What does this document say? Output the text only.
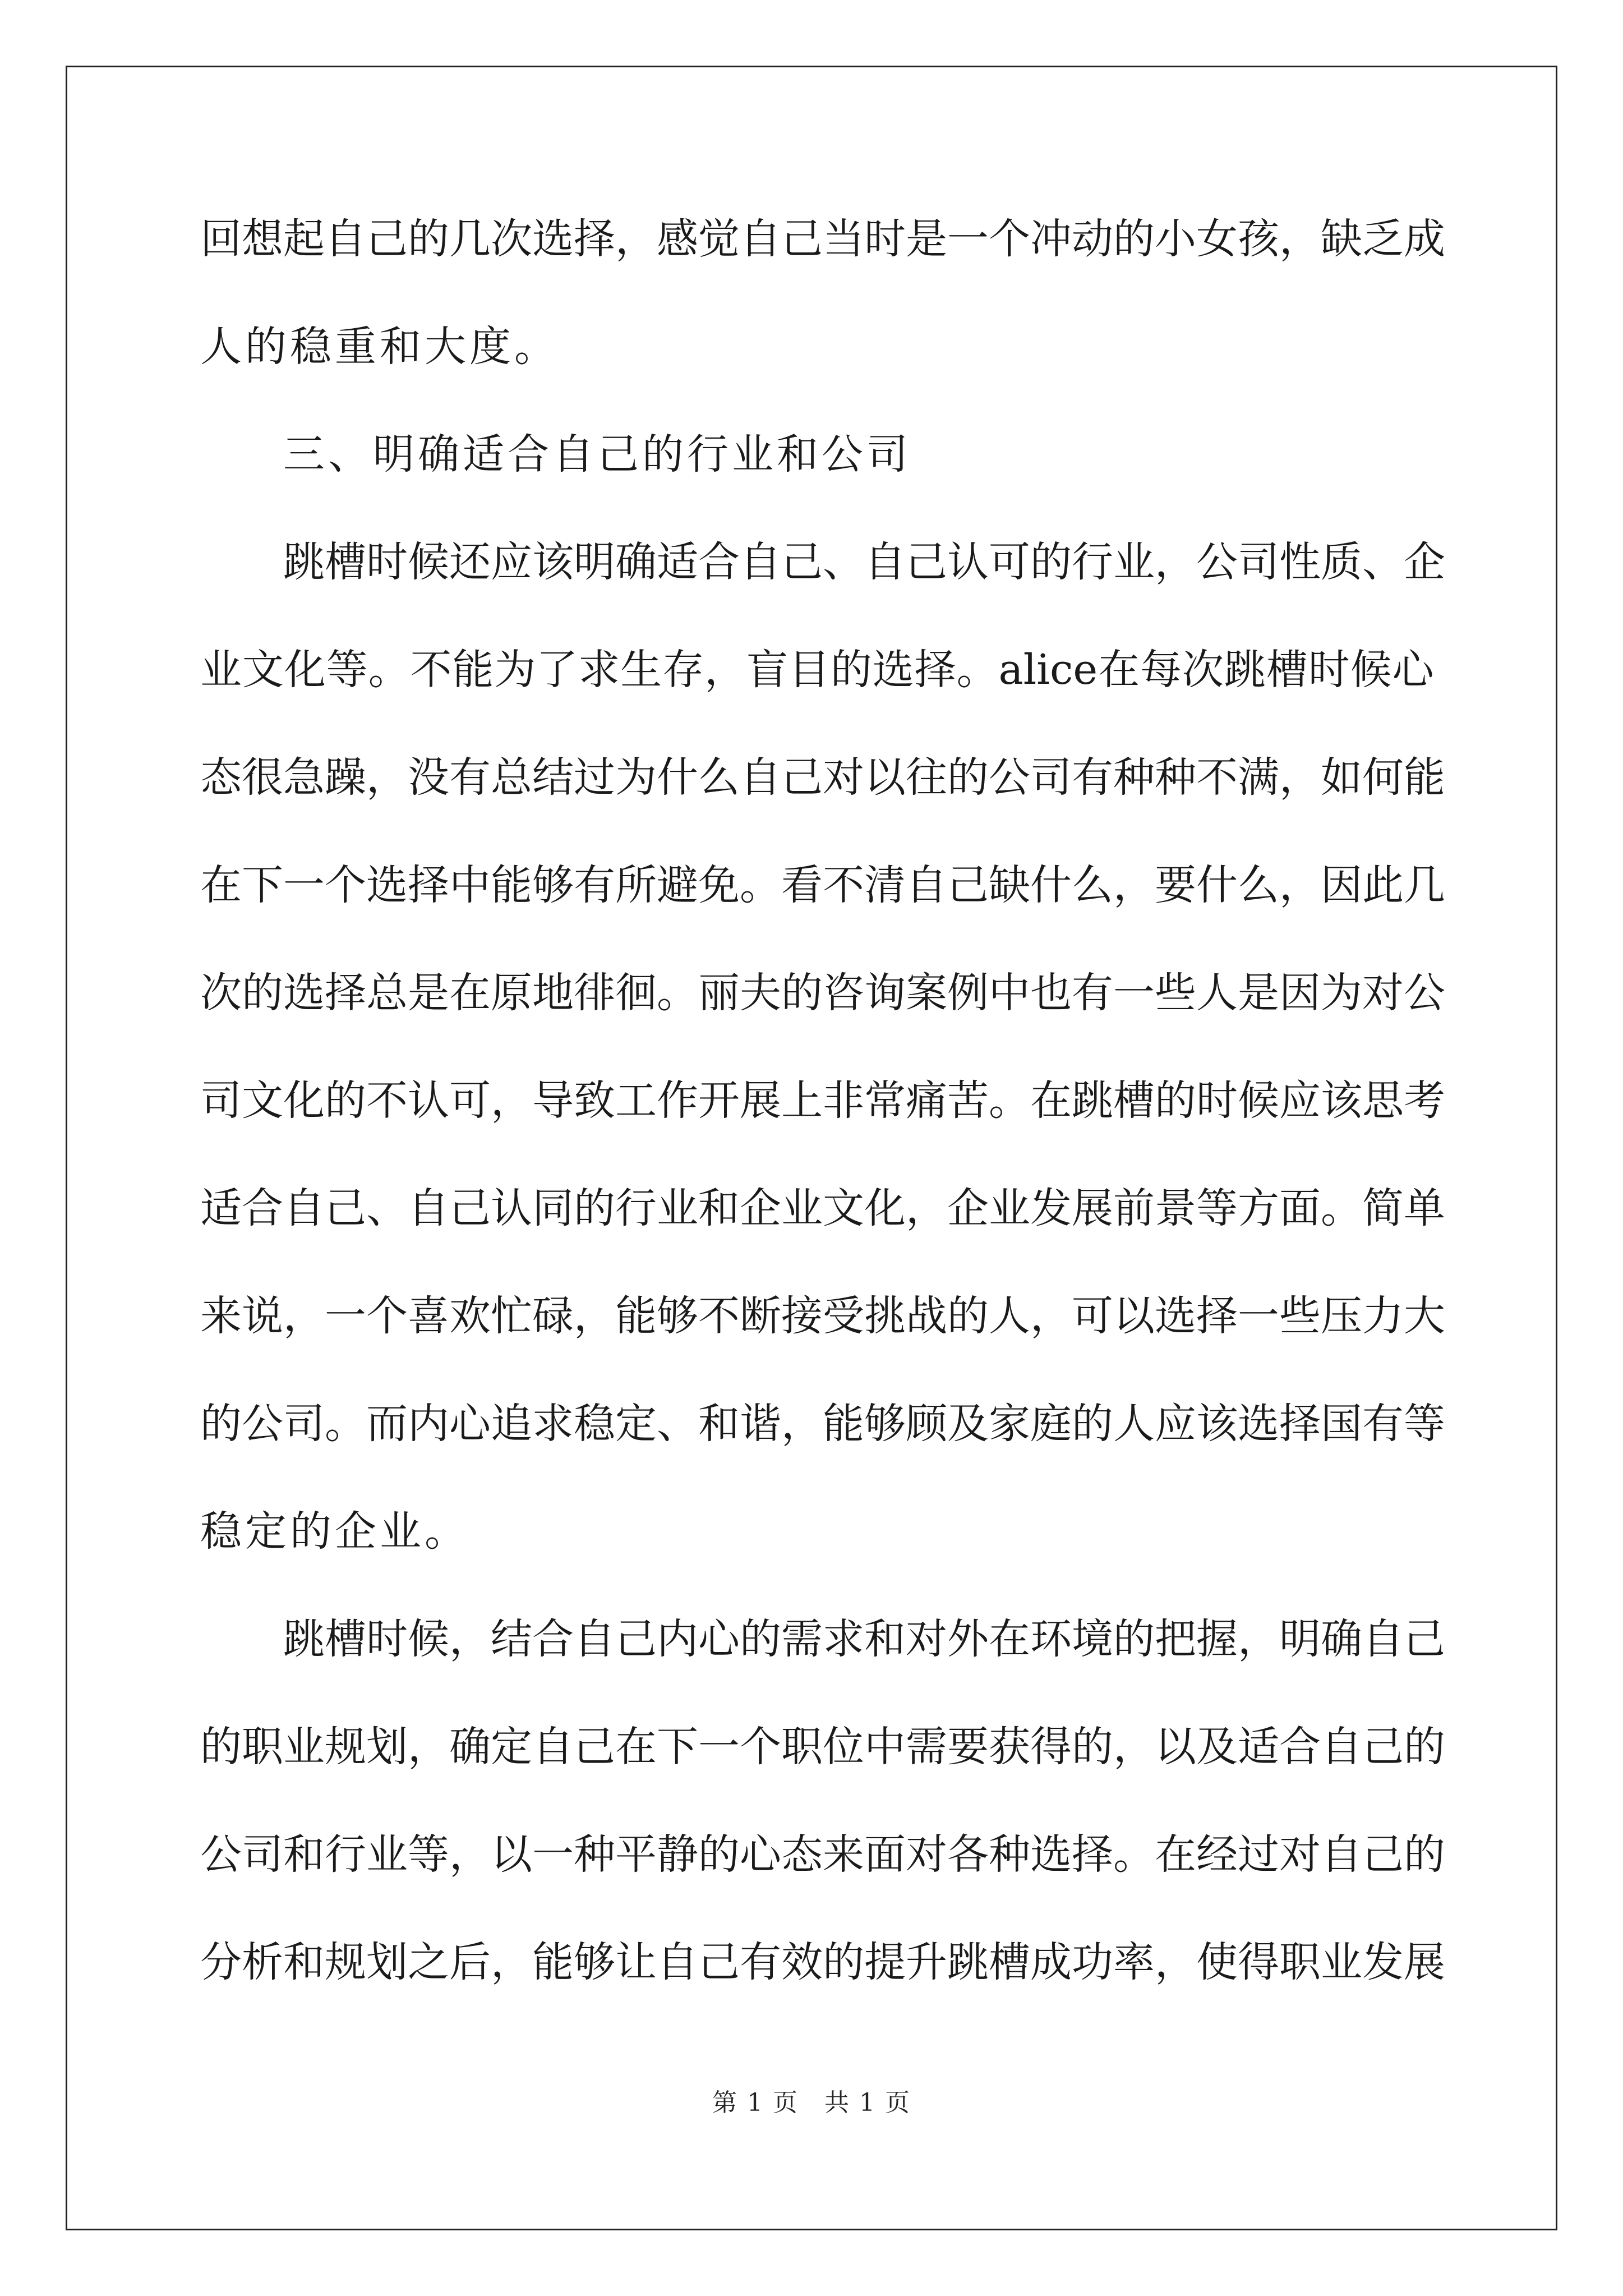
回 想 起 自 己 的 几 次 选 择 ， 感 觉 自 己 当 时 是 一 个 冲 动 的 小 女 孩 ， 缺 乏 成
人的稳重和大度。
三、明确适合自己的行业和公司
跳 槽 时 候 还 应 该 明 确 适 合 自 己 、 自 己 认 可 的 行 业 ， 公 司 性 质 、 企
业 文 化 等 。 不 能 为 了 求 生 存 ， 盲 目 的 选 择 。 alice 在 每 次 跳 槽 时 候 心
态 很 急 躁 ， 没 有 总 结 过 为 什 么 自 己 对 以 往 的 公 司 有 种 种 不 满 ， 如 何 能
在 下 一 个 选 择 中 能 够 有 所 避 免 。 看 不 清 自 己 缺 什 么 ， 要 什 么 ， 因 此 几
次 的 选 择 总 是 在 原 地 徘 徊 。 丽 夫 的 咨 询 案 例 中 也 有 一 些 人 是 因 为 对 公
司 文 化 的 不 认 可 ， 导 致 工 作 开 展 上 非 常 痛 苦 。 在 跳 槽 的 时 候 应 该 思 考
适 合 自 己 、 自 己 认 同 的 行 业 和 企 业 文 化 ， 企 业 发 展 前 景 等 方 面 。 简 单
来 说 ， 一 个 喜 欢 忙 碌 ， 能 够 不 断 接 受 挑 战 的 人 ， 可 以 选 择 一 些 压 力 大
的 公 司 。 而 内 心 追 求 稳 定 、 和 谐 ， 能 够 顾 及 家 庭 的 人 应 该 选 择 国 有 等
稳定的企业。
跳 槽 时 候 ， 结 合 自 己 内 心 的 需 求 和 对 外 在 环 境 的 把 握 ， 明 确 自 己
的 职 业 规 划 ， 确 定 自 己 在 下 一 个 职 位 中 需 要 获 得 的 ， 以 及 适 合 自 己 的
公 司 和 行 业 等 ， 以 一 种 平 静 的 心 态 来 面 对 各 种 选 择 。 在 经 过 对 自 己 的
分 析 和 规 划 之 后 ， 能 够 让 自 己 有 效 的 提 升 跳 槽 成 功 率 ， 使 得 职 业 发 展
第 1 页　共 1 页
